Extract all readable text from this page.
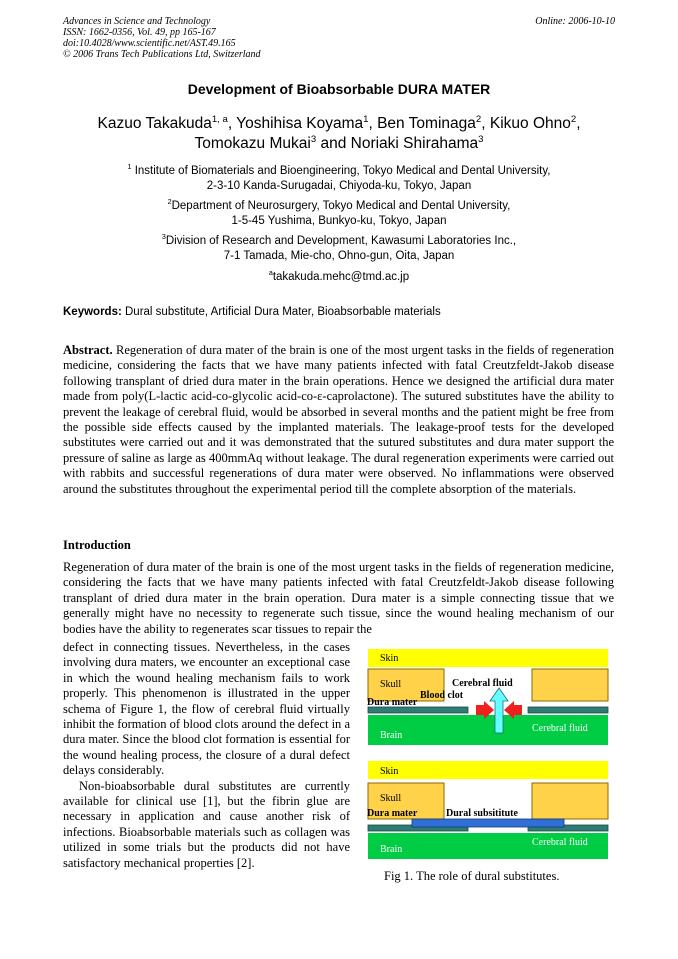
Advances in Science and Technology
ISSN: 1662-0356, Vol. 49, pp 165-167
doi:10.4028/www.scientific.net/AST.49.165
© 2006 Trans Tech Publications Ltd, Switzerland
Online: 2006-10-10
Development of Bioabsorbable DURA MATER
Kazuo Takakuda$^{1, a}$, Yoshihisa Koyama$^1$, Ben Tominaga$^2$, Kikuo Ohno$^2$,
Tomokazu Mukai$^3$ and Noriaki Shirahama$^3$
$^1$ Institute of Biomaterials and Bioengineering, Tokyo Medical and Dental University,
2-3-10 Kanda-Surugadai, Chiyoda-ku, Tokyo, Japan
$^2$Department of Neurosurgery, Tokyo Medical and Dental University,
1-5-45 Yushima, Bunkyo-ku, Tokyo, Japan
$^3$Division of Research and Development, Kawasumi Laboratories Inc.,
7-1 Tamada, Mie-cho, Ohno-gun, Oita, Japan
$^a$takakuda.mehc@tmd.ac.jp
Keywords: Dural substitute, Artificial Dura Mater, Bioabsorbable materials
Abstract. Regeneration of dura mater of the brain is one of the most urgent tasks in the fields of regeneration medicine, considering the facts that we have many patients infected with fatal Creutzfeldt-Jakob disease following transplant of dried dura mater in the brain operations. Hence we designed the artificial dura mater made from poly(L-lactic acid-co-glycolic acid-co-ε-caprolactone). The sutured substitutes have the ability to prevent the leakage of cerebral fluid, would be absorbed in several months and the patient might be free from the possible side effects caused by the implanted materials. The leakage-proof tests for the developed substitutes were carried out and it was demonstrated that the sutured substitutes and dura mater support the pressure of saline as large as 400mmAq without leakage. The dural regeneration experiments were carried out with rabbits and successful regenerations of dura mater were observed. No inflammations were observed around the substitutes throughout the experimental period till the complete absorption of the materials.
Introduction
Regeneration of dura mater of the brain is one of the most urgent tasks in the fields of regeneration medicine, considering the facts that we have many patients infected with fatal Creutzfeldt-Jakob disease following transplant of dried dura mater in the brain operation. Dura mater is a simple connecting tissue that we generally might have no necessity to regenerate such tissue, since the wound healing mechanism of our bodies have the ability to regenerates scar tissues to repair the

defect in connecting tissues. Nevertheless, in the cases involving dura maters, we encounter an exceptional case in which the wound healing mechanism fails to work properly. This phenomenon is illustrated in the upper schema of Figure 1, the flow of cerebral fluid virtually inhibit the formation of blood clots around the defect in a dura mater. Since the blood clot formation is essential for the wound healing process, the closure of a dural defect delays considerably.

Non-bioabsorbable dural substitutes are currently available for clinical use [1], but the fibrin glue are necessary in application and cause another risk of infections. Bioabsorbable materials such as collagen was utilized in some trials but the products did not have satisfactory mechanical properties [2].

Skin
Skull
Dura mater
Blood clot
Cerebral fluid
Cerebral fluid
Brain
Skin
Skull
Dura mater	Dural subsititute
Cerebral fluid
Brain
Fig 1. The role of dural substitutes.
